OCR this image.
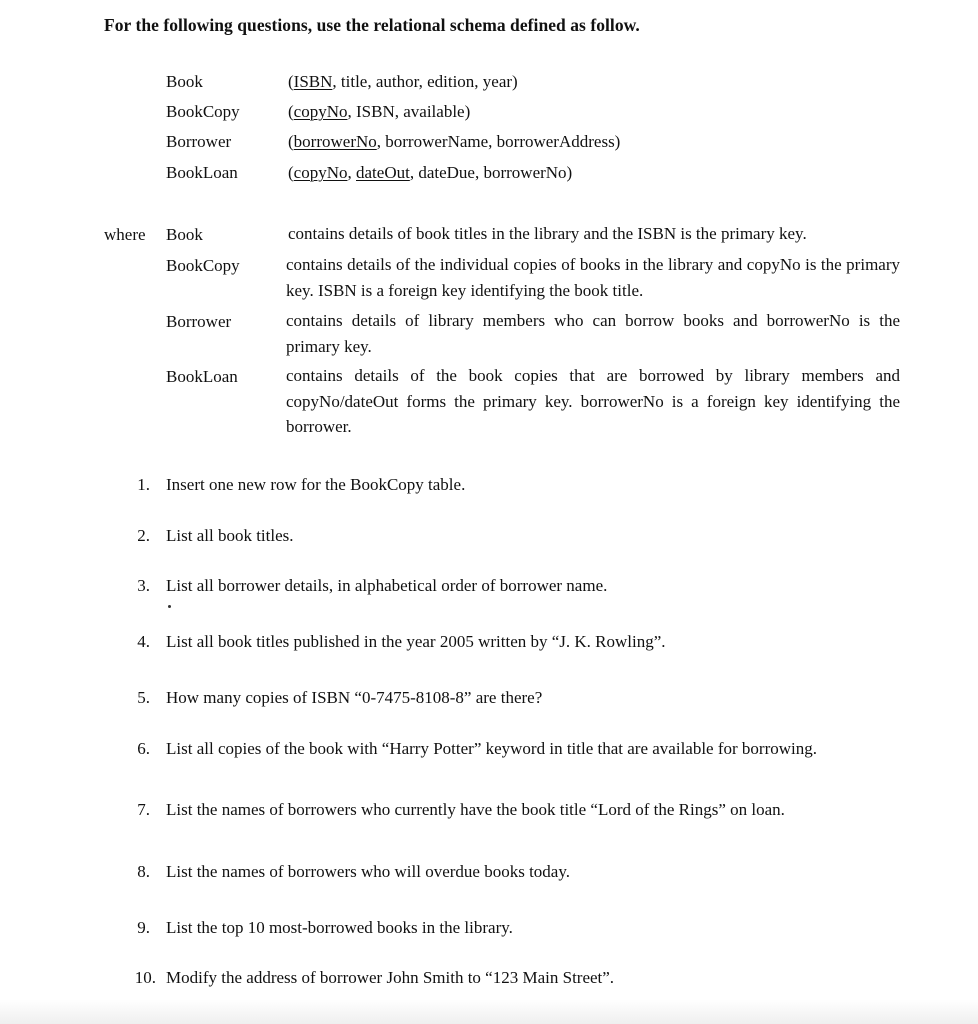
For the following questions, use the relational schema defined as follow.
Book	(ISBN, title, author, edition, year)
BookCopy	(copyNo, ISBN, available)
Borrower	(borrowerNo, borrowerName, borrowerAddress)
BookLoan	(copyNo, dateOut, dateDue, borrowerNo)
where Book	contains details of book titles in the library and the ISBN is the primary key.
BookCopy	contains details of the individual copies of books in the library and copyNo is the primary key. ISBN is a foreign key identifying the book title.
Borrower	contains details of library members who can borrow books and borrowerNo is the primary key.
BookLoan	contains details of the book copies that are borrowed by library members and copyNo/dateOut forms the primary key. borrowerNo is a foreign key identifying the borrower.
1. Insert one new row for the BookCopy table.
2. List all book titles.
3. List all borrower details, in alphabetical order of borrower name.
4. List all book titles published in the year 2005 written by “J. K. Rowling”.
5. How many copies of ISBN “0-7475-8108-8” are there?
6. List all copies of the book with “Harry Potter” keyword in title that are available for borrowing.
7. List the names of borrowers who currently have the book title “Lord of the Rings” on loan.
8. List the names of borrowers who will overdue books today.
9. List the top 10 most-borrowed books in the library.
10. Modify the address of borrower John Smith to “123 Main Street”.
